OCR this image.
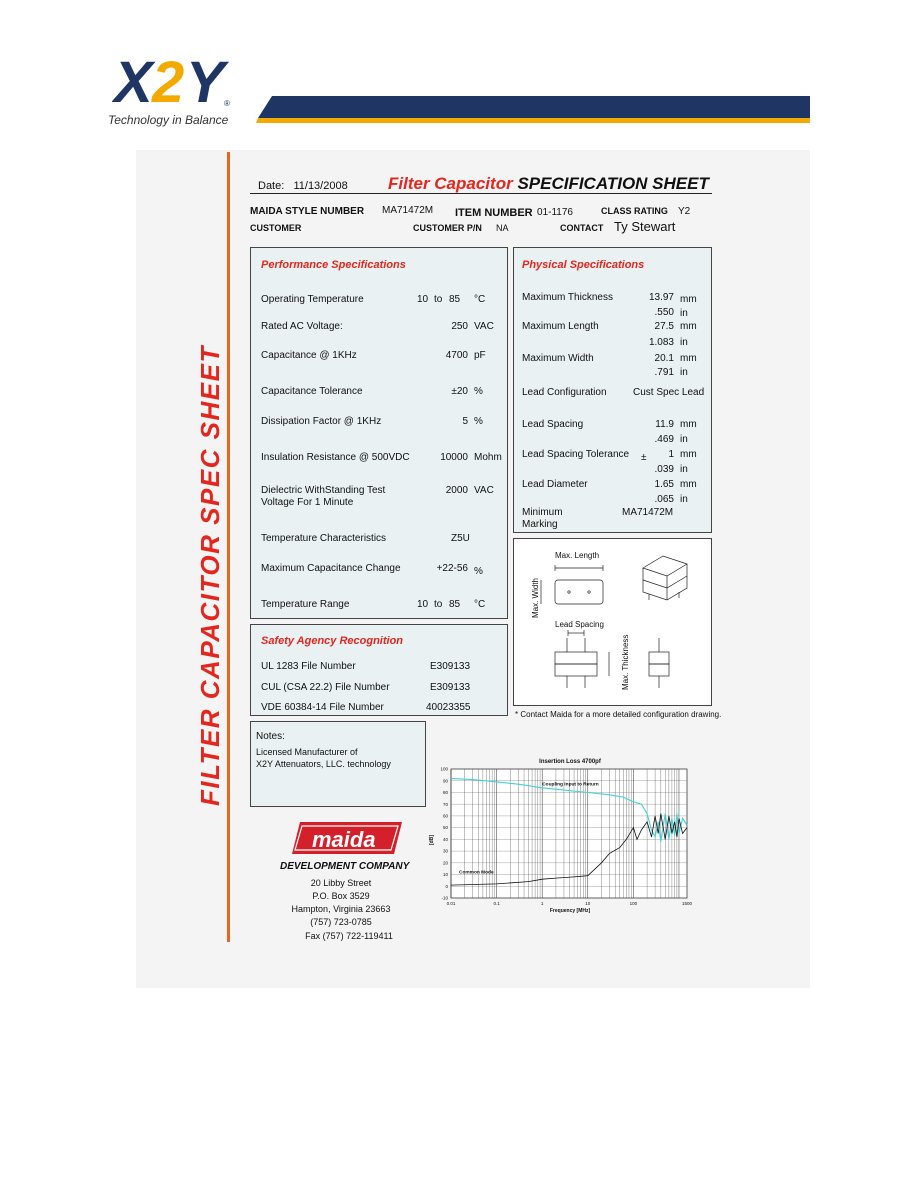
X 2 Y ®
Technology in Balance
FILTER CAPACITOR SPEC SHEET
Date: 11/13/2008 Filter Capacitor SPECIFICATION SHEET
MAIDA STYLE NUMBER MA71472M ITEM NUMBER 01-1176	CLASS RATING Y2
CUSTOMER	CUSTOMER P/N NA	CONTACT Ty Stewart
Performance Specifications
Operating Temperature	10 to 85 °C
Rated AC Voltage:	250 VAC
Capacitance @ 1KHz	4700 pF
Capacitance Tolerance	±20 %
Dissipation Factor @ 1KHz	5 %
Insulation Resistance @ 500VDC	10000 Mohm
Dielectric WithStanding Test
Voltage For 1 Minute
2000 VAC
Temperature Characteristics	Z5U
Maximum Capacitance Change	+22-56 %
Temperature Range	10 to 85 °C
Physical Specifications
Maximum Thickness	13.97 mm
.550 in
Maximum Length	27.5 mm
1.083 in
Maximum Width	20.1 mm
.791 in
Lead Configuration	Cust Spec Lead
Lead Spacing	11.9 mm
.469 in
Lead Spacing Tolerance ±	1 mm
.039 in
Lead Diameter	1.65 mm
.065 in
Minimum
Marking
MA71472M
Max. Length
Max. Width
Lead Spacing
Max. Thickness
* Contact Maida for a more detailed configuration drawing.
Safety Agency Recognition
UL 1283 File Number	E309133
CUL (CSA 22.2) File Number	E309133
VDE 60384-14 File Number	40023355
Notes:
Licensed Manufacturer of
X2Y Attenuators, LLC. technology
maida
DEVELOPMENT COMPANY
20 Libby Street
P.O. Box 3529
Hampton, Virginia 23663
(757) 723-0785
Fax (757) 722-119411
Insertion Loss 4700pf
100
90
80
70
60
50
40
30
20
10
0
-10
0.01	0.1	1	10	100	1500
Coupling Input to Return
Common Mode
Frequency [MHz]
[dB]
